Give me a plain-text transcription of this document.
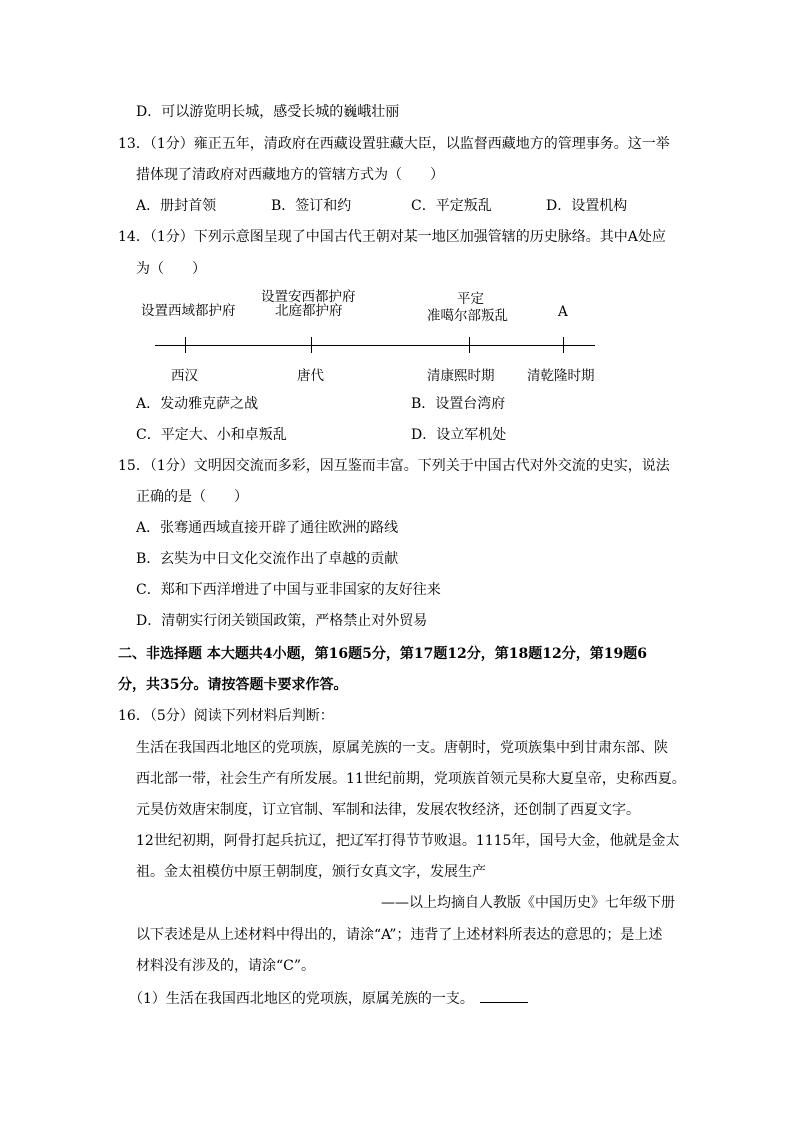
D．可以游览明长城，感受长城的巍峨壮丽
13．（1分）雍正五年，清政府在西藏设置驻藏大臣，以监督西藏地方的管理事务。这一举
措体现了清政府对西藏地方的管辖方式为（　　）
A．册封首领	B．签订和约	C．平定叛乱	D．设置机构
14．（1分）下列示意图呈现了中国古代王朝对某一地区加强管辖的历史脉络。其中A处应
为（　　）
设置西域都护府
设置安西都护府
北庭都护府
平定
准噶尔部叛乱	A
西汉	唐代	清康熙时期 清乾隆时期
A．发动雅克萨之战	B．设置台湾府
C．平定大、小和卓叛乱	D．设立军机处
15．（1分）文明因交流而多彩，因互鉴而丰富。下列关于中国古代对外交流的史实，说法
正确的是（　　）
A．张骞通西域直接开辟了通往欧洲的路线
B．玄奘为中日文化交流作出了卓越的贡献
C．郑和下西洋增进了中国与亚非国家的友好往来
D．清朝实行闭关锁国政策，严格禁止对外贸易
二、非选择题 本大题共4小题，第16题5分，第17题12分，第18题12分，第19题6
分，共35分。请按答题卡要求作答。
16．（5分）阅读下列材料后判断：
生活在我国西北地区的党项族，原属羌族的一支。唐朝时，党项族集中到甘肃东部、陕
西北部一带，社会生产有所发展。11世纪前期，党项族首领元昊称大夏皇帝，史称西夏。
元昊仿效唐宋制度，订立官制、军制和法律，发展农牧经济，还创制了西夏文字。
12世纪初期，阿骨打起兵抗辽，把辽军打得节节败退。1115年，国号大金，他就是金太
祖。金太祖模仿中原王朝制度，颁行女真文字，发展生产
——以上均摘自人教版《中国历史》七年级下册
以下表述是从上述材料中得出的，请涂“A”；违背了上述材料所表达的意思的；是上述
材料没有涉及的，请涂“C”。
（1）生活在我国西北地区的党项族，原属羌族的一支。
